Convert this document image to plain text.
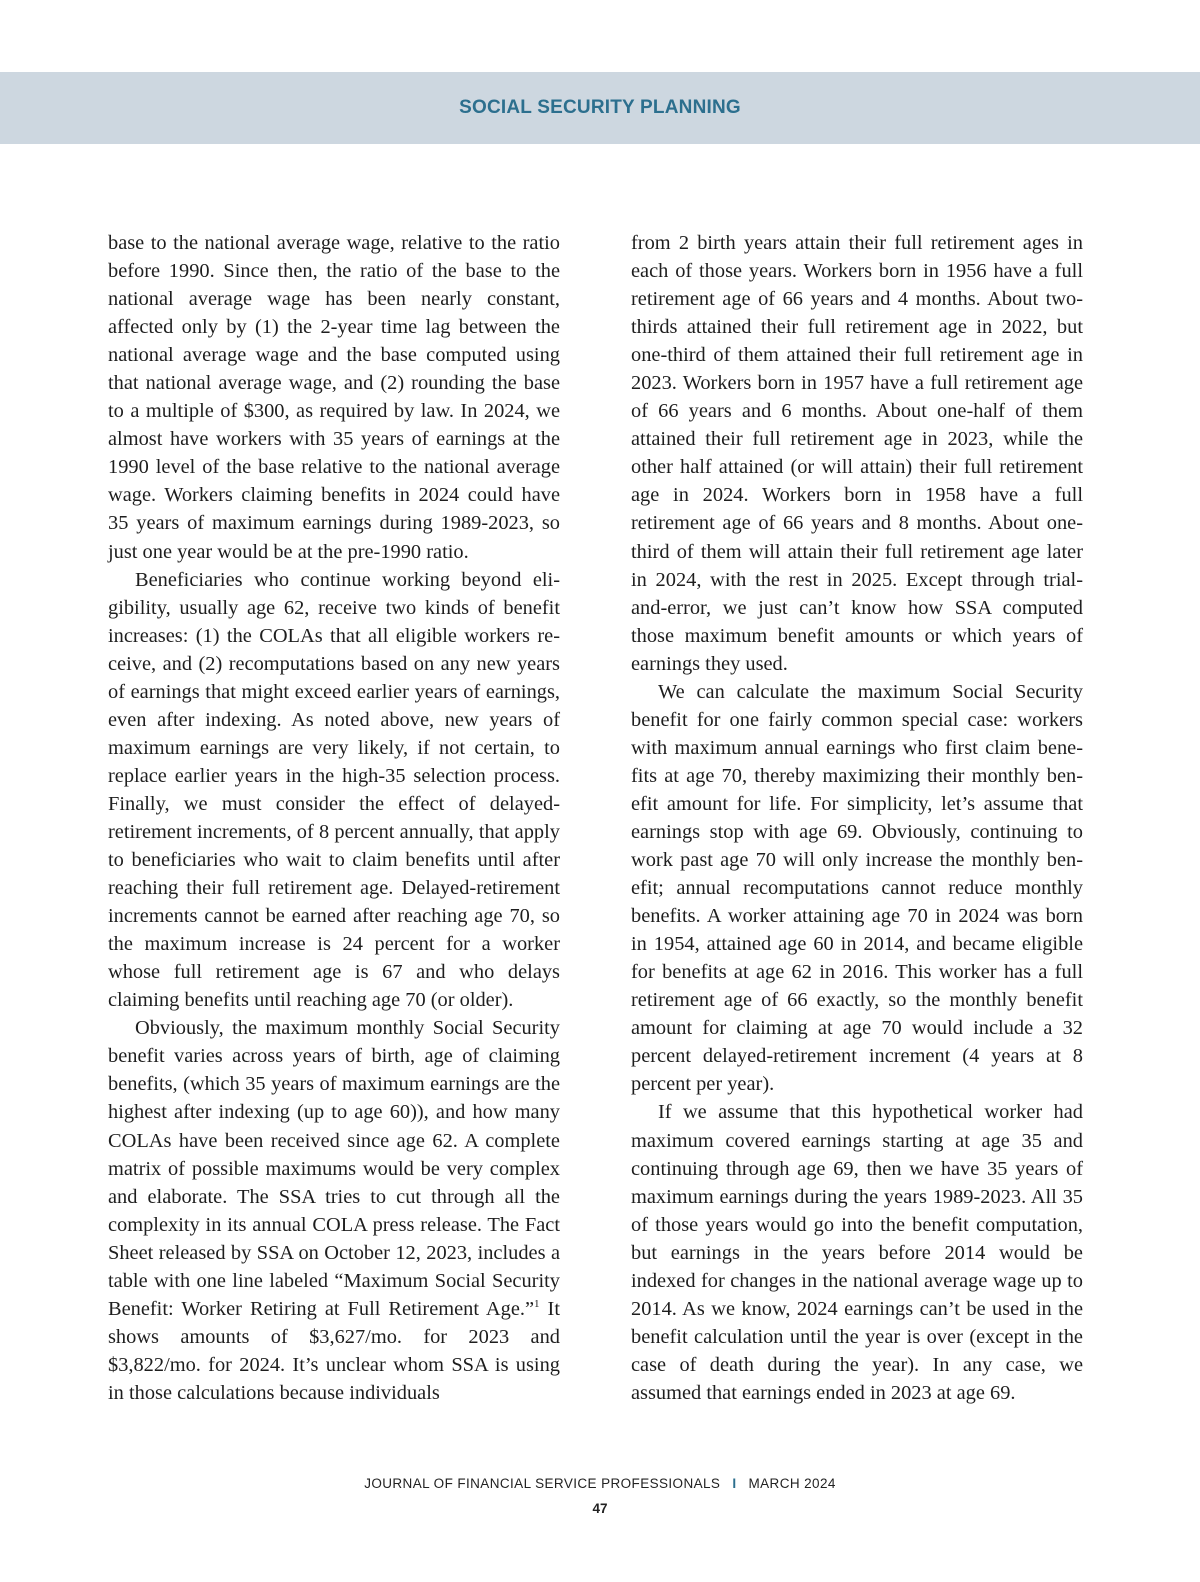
SOCIAL SECURITY PLANNING

base to the national average wage, relative to the ratio before 1990. Since then, the ratio of the base to the national average wage has been nearly constant, affected only by (1) the 2-year time lag between the national average wage and the base computed using that national average wage, and (2) rounding the base to a multiple of $300, as required by law. In 2024, we almost have workers with 35 years of earnings at the 1990 level of the base relative to the national average wage. Workers claiming benefits in 2024 could have 35 years of maximum earnings during 1989-2023, so just one year would be at the pre-1990 ratio.

Beneficiaries who continue working beyond eligibility, usually age 62, receive two kinds of benefit increases: (1) the COLAs that all eligible workers receive, and (2) recomputations based on any new years of earnings that might exceed earlier years of earnings, even after indexing. As noted above, new years of maximum earnings are very likely, if not certain, to replace earlier years in the high-35 selection process. Finally, we must consider the effect of delayed-retirement increments, of 8 percent annually, that apply to beneficiaries who wait to claim benefits until after reaching their full retirement age. Delayed-retirement increments cannot be earned after reaching age 70, so the maximum increase is 24 percent for a worker whose full retirement age is 67 and who delays claiming benefits until reaching age 70 (or older).

Obviously, the maximum monthly Social Security benefit varies across years of birth, age of claiming benefits, (which 35 years of maximum earnings are the highest after indexing (up to age 60)), and how many COLAs have been received since age 62. A complete matrix of possible maximums would be very complex and elaborate. The SSA tries to cut through all the complexity in its annual COLA press release. The Fact Sheet released by SSA on October 12, 2023, includes a table with one line labeled “Maximum Social Security Benefit: Worker Retiring at Full Retirement Age.”$^1$ It shows amounts of $3,627/mo. for 2023 and $3,822/mo. for 2024. It’s unclear whom SSA is using in those calculations because individuals

from 2 birth years attain their full retirement ages in each of those years. Workers born in 1956 have a full retirement age of 66 years and 4 months. About two-thirds attained their full retirement age in 2022, but one-third of them attained their full retirement age in 2023. Workers born in 1957 have a full retirement age of 66 years and 6 months. About one-half of them attained their full retirement age in 2023, while the other half attained (or will attain) their full retirement age in 2024. Workers born in 1958 have a full retirement age of 66 years and 8 months. About one-third of them will attain their full retirement age later in 2024, with the rest in 2025. Except through trial-and-error, we just can’t know how SSA computed those maximum benefit amounts or which years of earnings they used.

We can calculate the maximum Social Security benefit for one fairly common special case: workers with maximum annual earnings who first claim benefits at age 70, thereby maximizing their monthly benefit amount for life. For simplicity, let’s assume that earnings stop with age 69. Obviously, continuing to work past age 70 will only increase the monthly benefit; annual recomputations cannot reduce monthly benefits. A worker attaining age 70 in 2024 was born in 1954, attained age 60 in 2014, and became eligible for benefits at age 62 in 2016. This worker has a full retirement age of 66 exactly, so the monthly benefit amount for claiming at age 70 would include a 32 percent delayed-retirement increment (4 years at 8 percent per year).

If we assume that this hypothetical worker had maximum covered earnings starting at age 35 and continuing through age 69, then we have 35 years of maximum earnings during the years 1989-2023. All 35 of those years would go into the benefit computation, but earnings in the years before 2014 would be indexed for changes in the national average wage up to 2014. As we know, 2024 earnings can’t be used in the benefit calculation until the year is over (except in the case of death during the year). In any case, we assumed that earnings ended in 2023 at age 69.

JOURNAL OF FINANCIAL SERVICE PROFESSIONALS I MARCH 2024
47
